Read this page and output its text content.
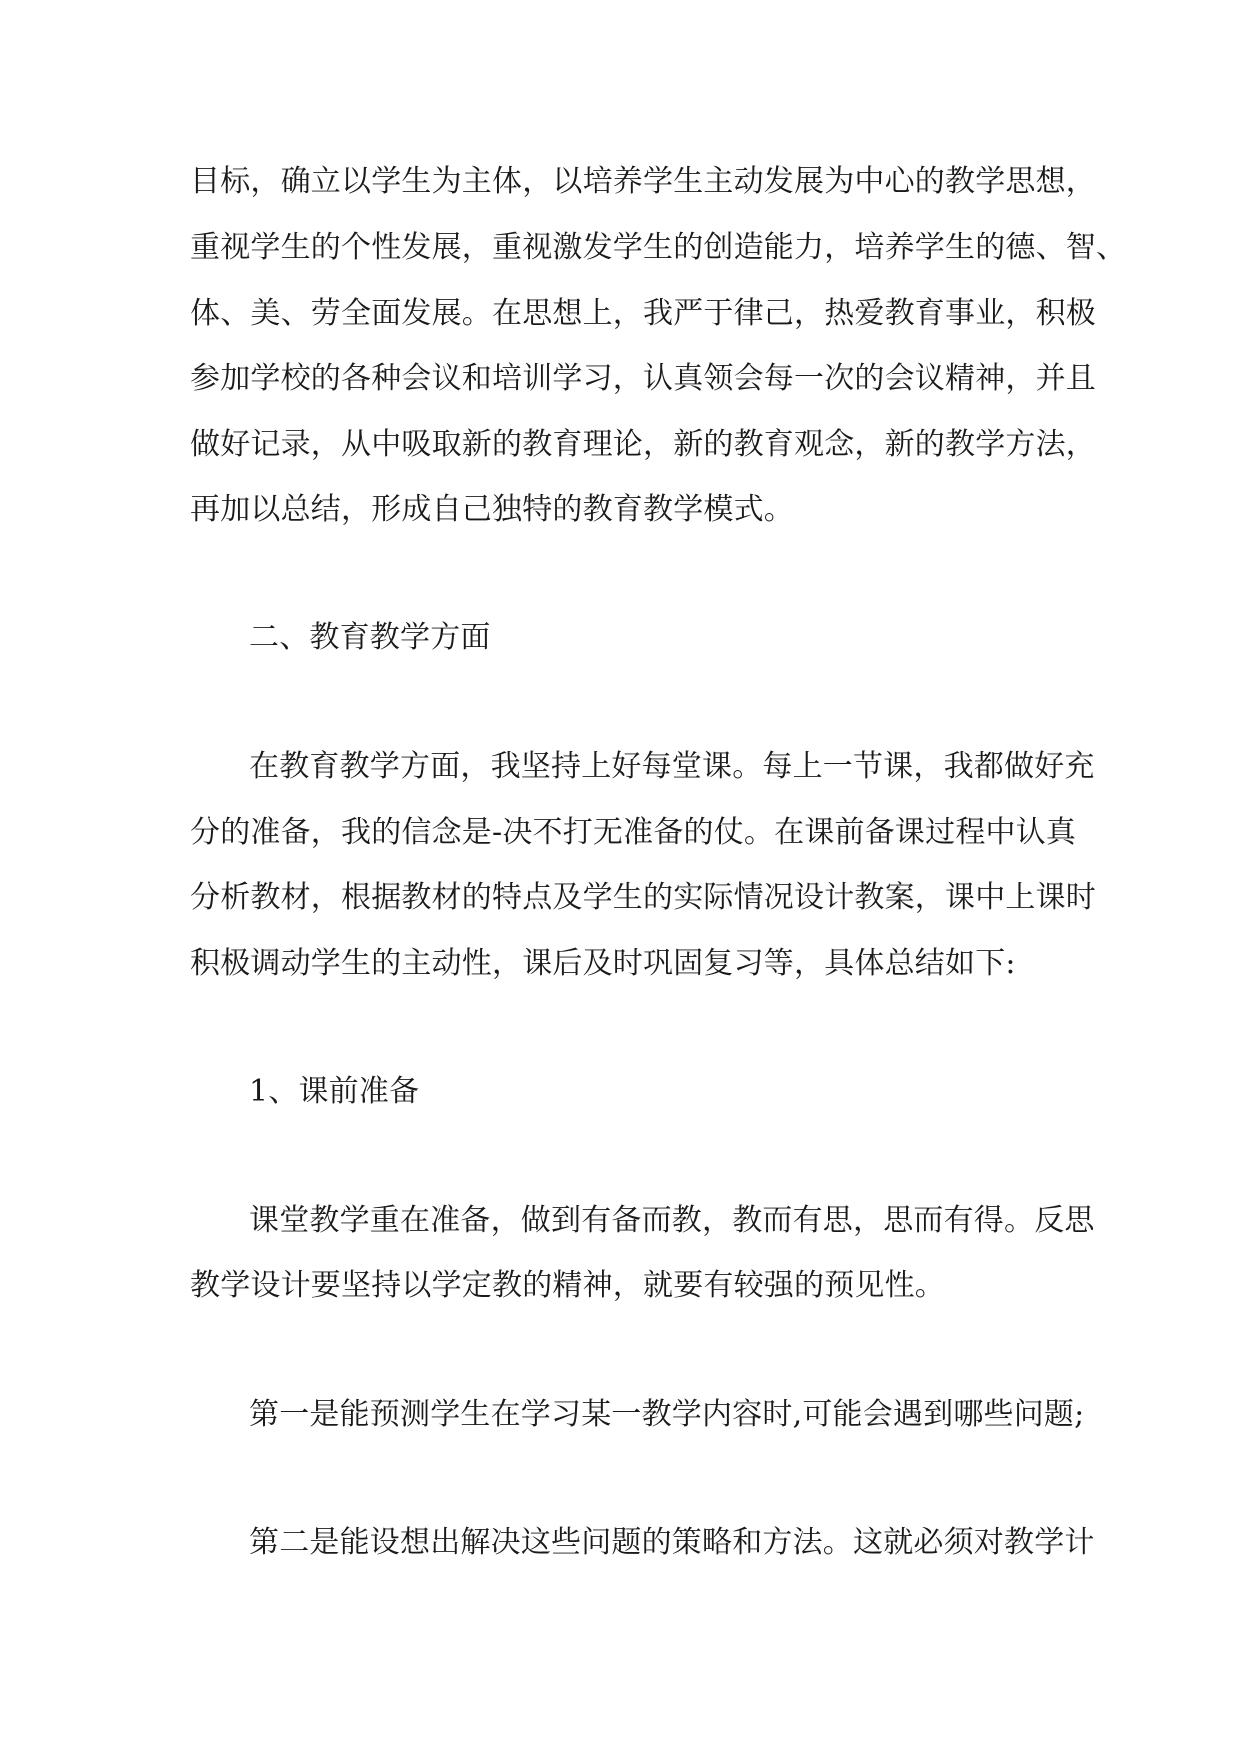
目标，确立以学生为主体，以培养学生主动发展为中心的教学思想，
重视学生的个性发展，重视激发学生的创造能力，培养学生的德、智、
体、美、劳全面发展。在思想上，我严于律己，热爱教育事业，积极
参加学校的各种会议和培训学习，认真领会每一次的会议精神，并且
做好记录，从中吸取新的教育理论，新的教育观念，新的教学方法，
再加以总结，形成自己独特的教育教学模式。
二、教育教学方面
在教育教学方面，我坚持上好每堂课。每上一节课，我都做好充
分的准备，我的信念是-决不打无准备的仗。在课前备课过程中认真
分析教材，根据教材的特点及学生的实际情况设计教案，课中上课时
积极调动学生的主动性，课后及时巩固复习等，具体总结如下:
1、课前准备
课堂教学重在准备，做到有备而教，教而有思，思而有得。反思
教学设计要坚持以学定教的精神，就要有较强的预见性。
第一是能预测学生在学习某一教学内容时,可能会遇到哪些问题;
第二是能设想出解决这些问题的策略和方法。这就必须对教学计
